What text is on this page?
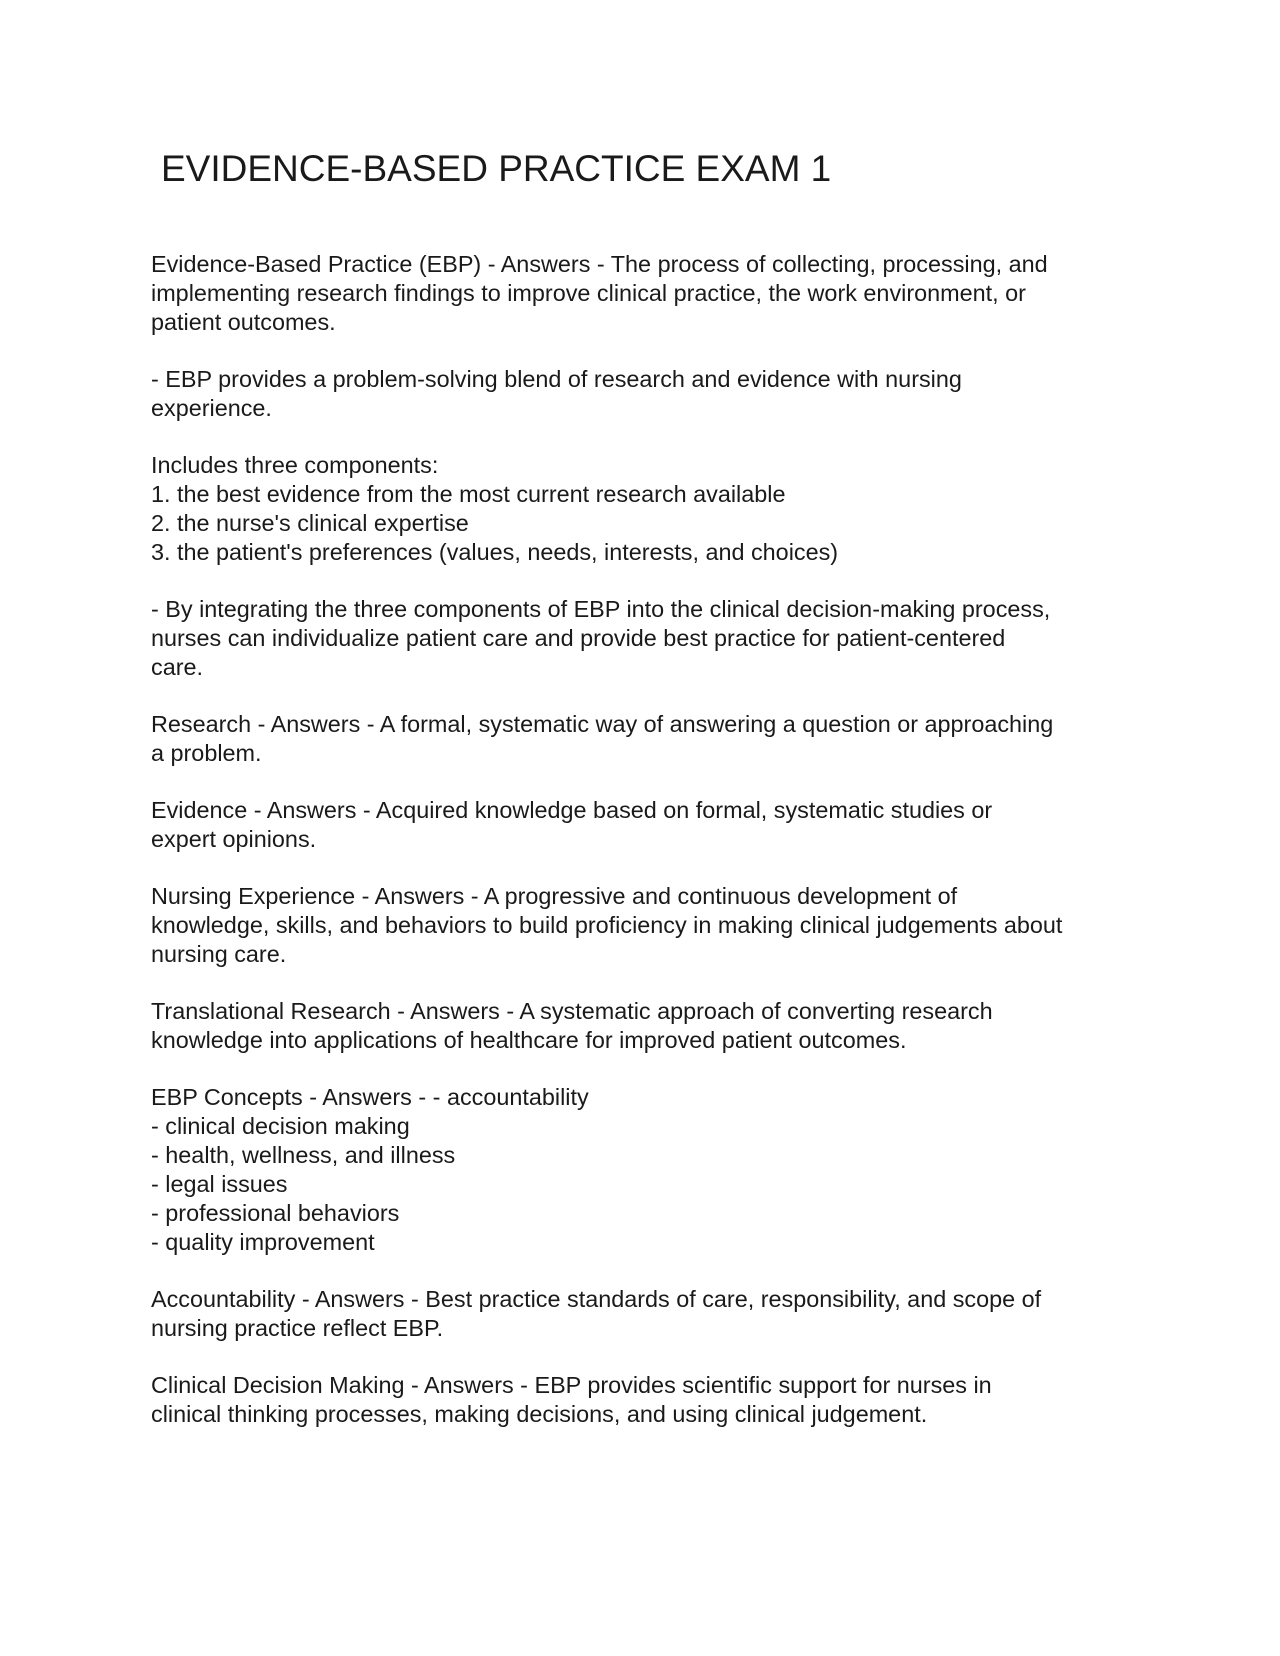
EVIDENCE-BASED PRACTICE EXAM 1

Evidence-Based Practice (EBP) - Answers - The process of collecting, processing, and
implementing research findings to improve clinical practice, the work environment, or
patient outcomes.

- EBP provides a problem-solving blend of research and evidence with nursing
experience.

Includes three components:
1. the best evidence from the most current research available
2. the nurse's clinical expertise
3. the patient's preferences (values, needs, interests, and choices)

- By integrating the three components of EBP into the clinical decision-making process,
nurses can individualize patient care and provide best practice for patient-centered
care.

Research - Answers - A formal, systematic way of answering a question or approaching
a problem.

Evidence - Answers - Acquired knowledge based on formal, systematic studies or
expert opinions.

Nursing Experience - Answers - A progressive and continuous development of
knowledge, skills, and behaviors to build proficiency in making clinical judgements about
nursing care.

Translational Research - Answers - A systematic approach of converting research
knowledge into applications of healthcare for improved patient outcomes.

EBP Concepts - Answers - - accountability
- clinical decision making
- health, wellness, and illness
- legal issues
- professional behaviors
- quality improvement

Accountability - Answers - Best practice standards of care, responsibility, and scope of
nursing practice reflect EBP.

Clinical Decision Making - Answers - EBP provides scientific support for nurses in
clinical thinking processes, making decisions, and using clinical judgement.
